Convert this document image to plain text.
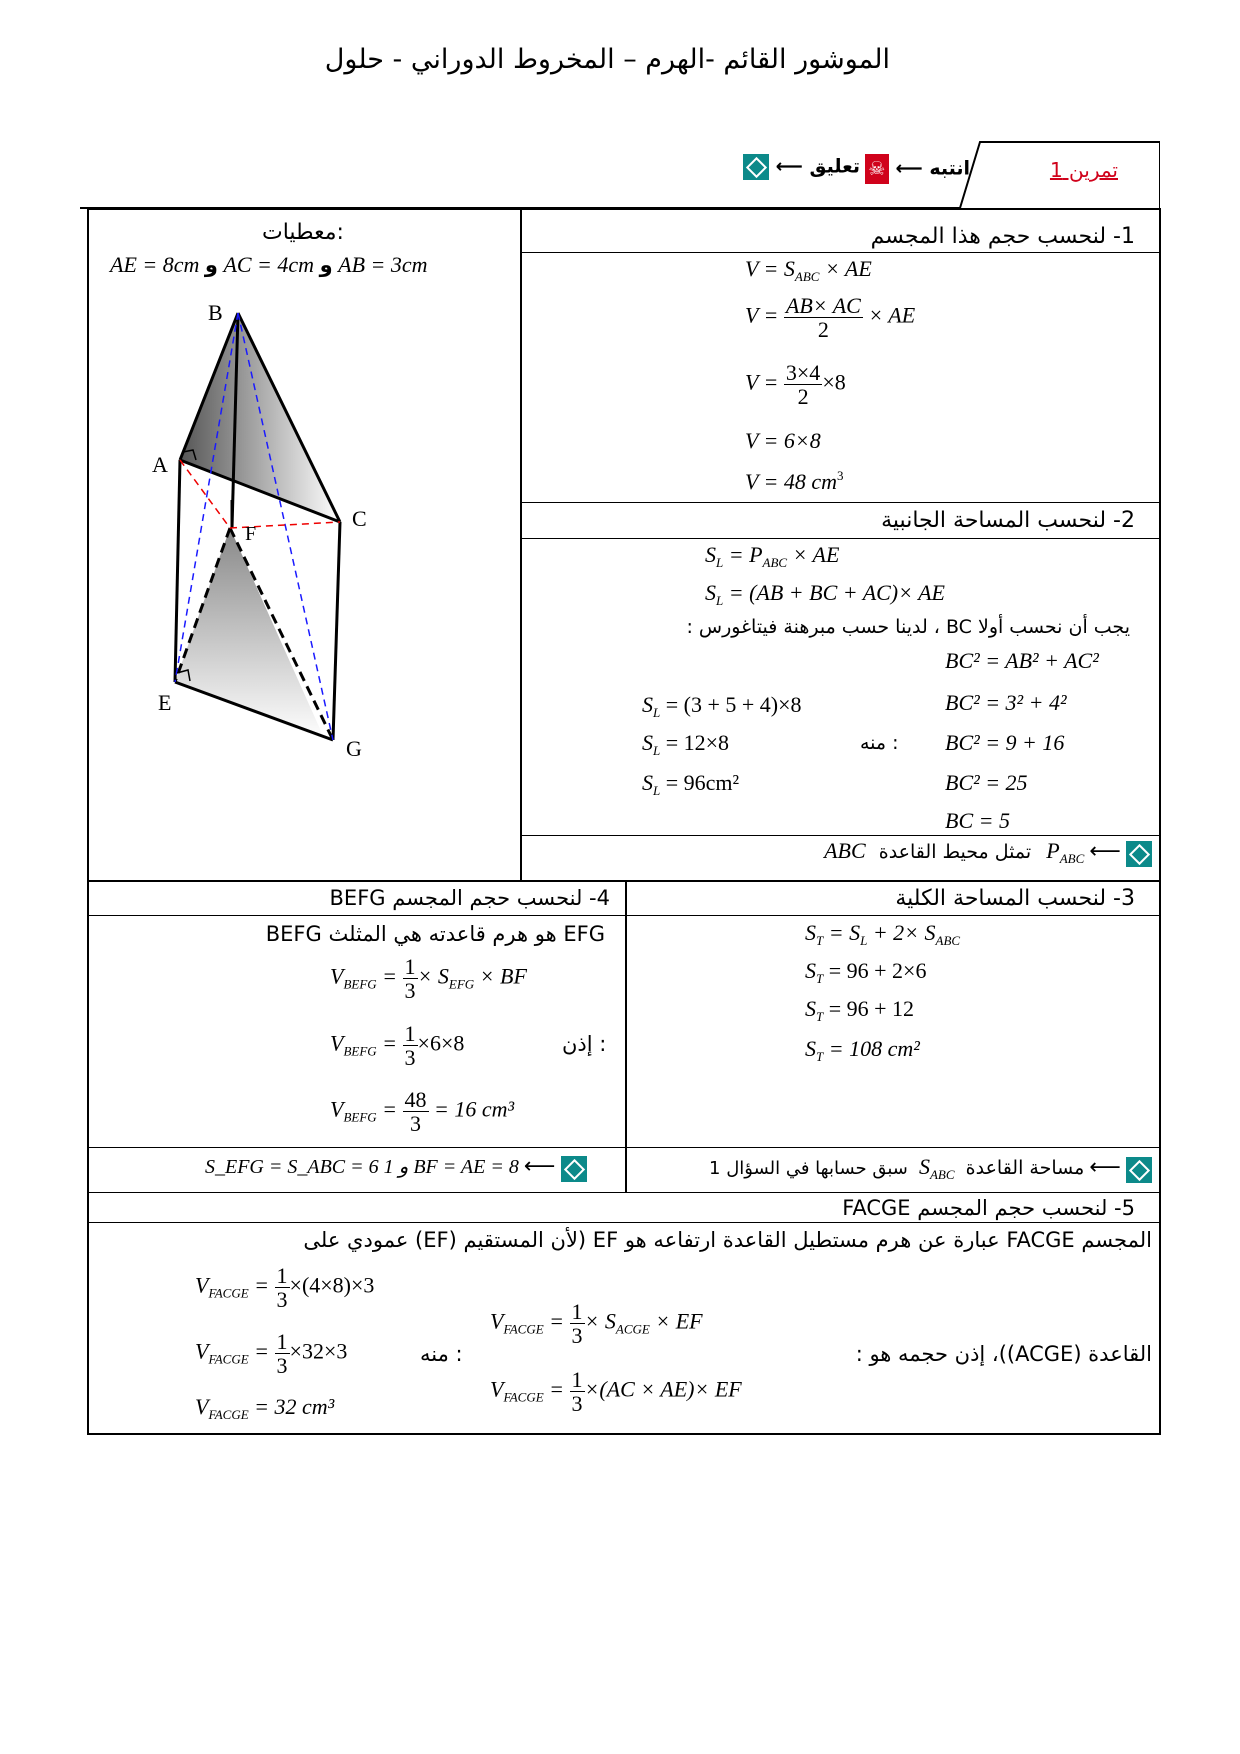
الموشور القائم -الهرم – المخروط الدوراني - حلول
تمرين 1
☠ ⟵ انتبه
⟵ تعليق
معطيات:
AE = 8cm و AC = 4cm و AB = 3cm
B
A
C
F
E
G
1- لنحسب حجم هذا المجسم
$V = S_{ABC}$ × AE
$V = \frac{AB\times AC}{2}$ × AE
$V = \frac{3\times 4}{2} \times 8$
V = 6×8
V = 48 $cm^3$
2- لنحسب المساحة الجانبية
$S_L = P_{ABC}$ × AE
$S_L = (AB$ + BC + AC)× AE
يجب أن نحسب أولا BC ، لدينا حسب مبرهنة فيتاغورس :
BC² = AB² + AC²
BC² = 3² + 4²
BC² = 9 + 16
BC² = 25
BC = 5
منه :
$S_L = (3 + 5 + 4)\times 8$
$S_L = 12\times 8$
$S_L = 96cm^2$
ABC تمثل محيط القاعدة $P_{ABC}$ ⟵
3- لنحسب المساحة الكلية
$S_T = S_L + 2\times S_{ABC}$
$S_T = 96 + 2\times 6$
$S_T = 96 + 12$
$S_T = 108$ cm²
سبق حسابها في السؤال 1 $S_{ABC}$ مساحة القاعدة ⟵
4- لنحسب حجم المجسم BEFG
BEFG هو هرم قاعدته هي المثلث EFG
$V_{BEFG} = \frac{1}{3} \times S_{EFG}$ × BF
$V_{BEFG} = \frac{1}{3} \times 6\times 8$	إذن :
$V_{BEFG} = \frac{48}{3} = 16$ cm³
S_EFG = S_ABC = 6 و 1 BF = AE = 8 ⟵
5- لنحسب حجم المجسم FACGE
المجسم FACGE عبارة عن هرم مستطيل القاعدة ارتفاعه هو EF (لأن المستقيم (EF) عمودي على
القاعدة (ACGE))، إذن حجمه هو :
$V_{FACGE} = \frac{1}{3} \times S_{ACGE}$ × EF
$V_{FACGE} = \frac{1}{3} \times(AC \times AE)\times$ EF
منه :
$V_{FACGE} = \frac{1}{3} \times(4\times 8)\times 3$
$V_{FACGE} = \frac{1}{3} \times 32\times 3$
$V_{FACGE} = 32$ cm³
